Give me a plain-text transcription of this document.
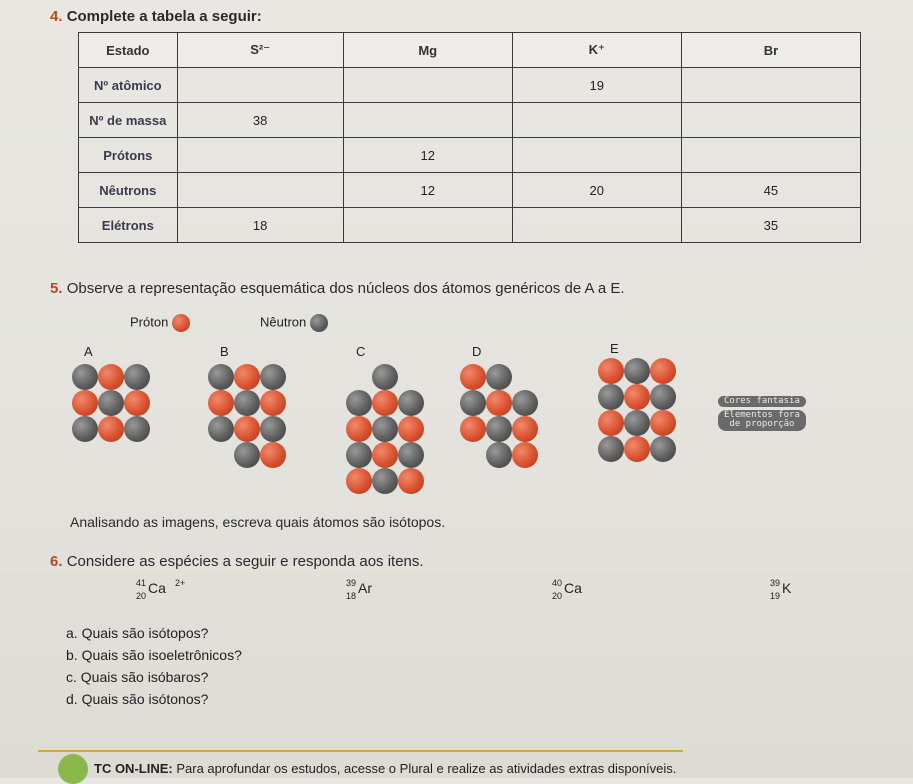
4. Complete a tabela a seguir:
Estado	S²⁻	Mg	K⁺	Br
Nº atômico			19	
Nº de massa	38			
Prótons		12		
Nêutrons		12	20	45
Elétrons	18			35
5. Observe a representação esquemática dos núcleos dos átomos genéricos de A a E.
Próton	Nêutron
A	B	C	D	E
Cores fantasia
Elementos fora
de proporção
Analisando as imagens, escreva quais átomos são isótopos.
6. Considere as espécies a seguir e responda aos itens.
41
20 Ca 2+	39
18 Ar	40
20 Ca	39
19 K
a. Quais são isótopos?
b. Quais são isoeletrônicos?
c. Quais são isóbaros?
d. Quais são isótonos?
TC ON-LINE: Para aprofundar os estudos, acesse o Plural e realize as atividades extras disponíveis.
